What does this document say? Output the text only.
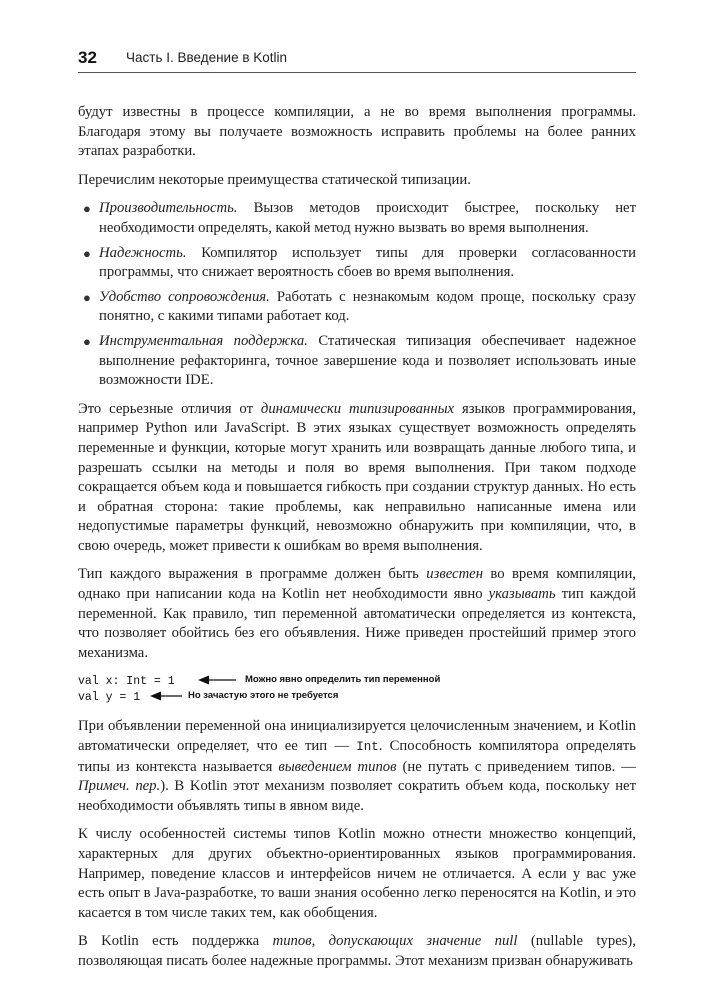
32 Часть I. Введение в Kotlin

будут известны в процессе компиляции, а не во время выполнения программы. Благодаря этому вы получаете возможность исправить проблемы на более ранних этапах разработки.

Перечислим некоторые преимущества статической типизации.

● Производительность. Вызов методов происходит быстрее, поскольку нет необходимости определять, какой метод нужно вызвать во время выполнения.
● Надежность. Компилятор использует типы для проверки согласованности программы, что снижает вероятность сбоев во время выполнения.
● Удобство сопровождения. Работать с незнакомым кодом проще, поскольку сразу понятно, с какими типами работает код.
● Инструментальная поддержка. Статическая типизация обеспечивает надежное выполнение рефакторинга, точное завершение кода и позволяет использовать иные возможности IDE.

Это серьезные отличия от динамически типизированных языков программирования, например Python или JavaScript. В этих языках существует возможность определять переменные и функции, которые могут хранить или возвращать данные любого типа, и разрешать ссылки на методы и поля во время выполнения. При таком подходе сокращается объем кода и повышается гибкость при создании структур данных. Но есть и обратная сторона: такие проблемы, как неправильно написанные имена или недопустимые параметры функций, невозможно обнаружить при компиляции, что, в свою очередь, может привести к ошибкам во время выполнения.

Тип каждого выражения в программе должен быть известен во время компиляции, однако при написании кода на Kotlin нет необходимости явно указывать тип каждой переменной. Как правило, тип переменной автоматически определяется из контекста, что позволяет обойтись без его объявления. Ниже приведен простейший пример этого механизма.

val x: Int = 1	Можно явно определить тип переменной
val y = 1	Но зачастую этого не требуется

При объявлении переменной она инициализируется целочисленным значением, и Kotlin автоматически определяет, что ее тип — Int. Способность компилятора определять типы из контекста называется выведением типов (не путать с приведением типов. — Примеч. пер.). В Kotlin этот механизм позволяет сократить объем кода, поскольку нет необходимости объявлять типы в явном виде.

К числу особенностей системы типов Kotlin можно отнести множество концепций, характерных для других объектно-ориентированных языков программирования. Например, поведение классов и интерфейсов ничем не отличается. А если у вас уже есть опыт в Java-разработке, то ваши знания особенно легко переносятся на Kotlin, и это касается в том числе таких тем, как обобщения.

В Kotlin есть поддержка типов, допускающих значение null (nullable types), позволяющая писать более надежные программы. Этот механизм призван обнаруживать
